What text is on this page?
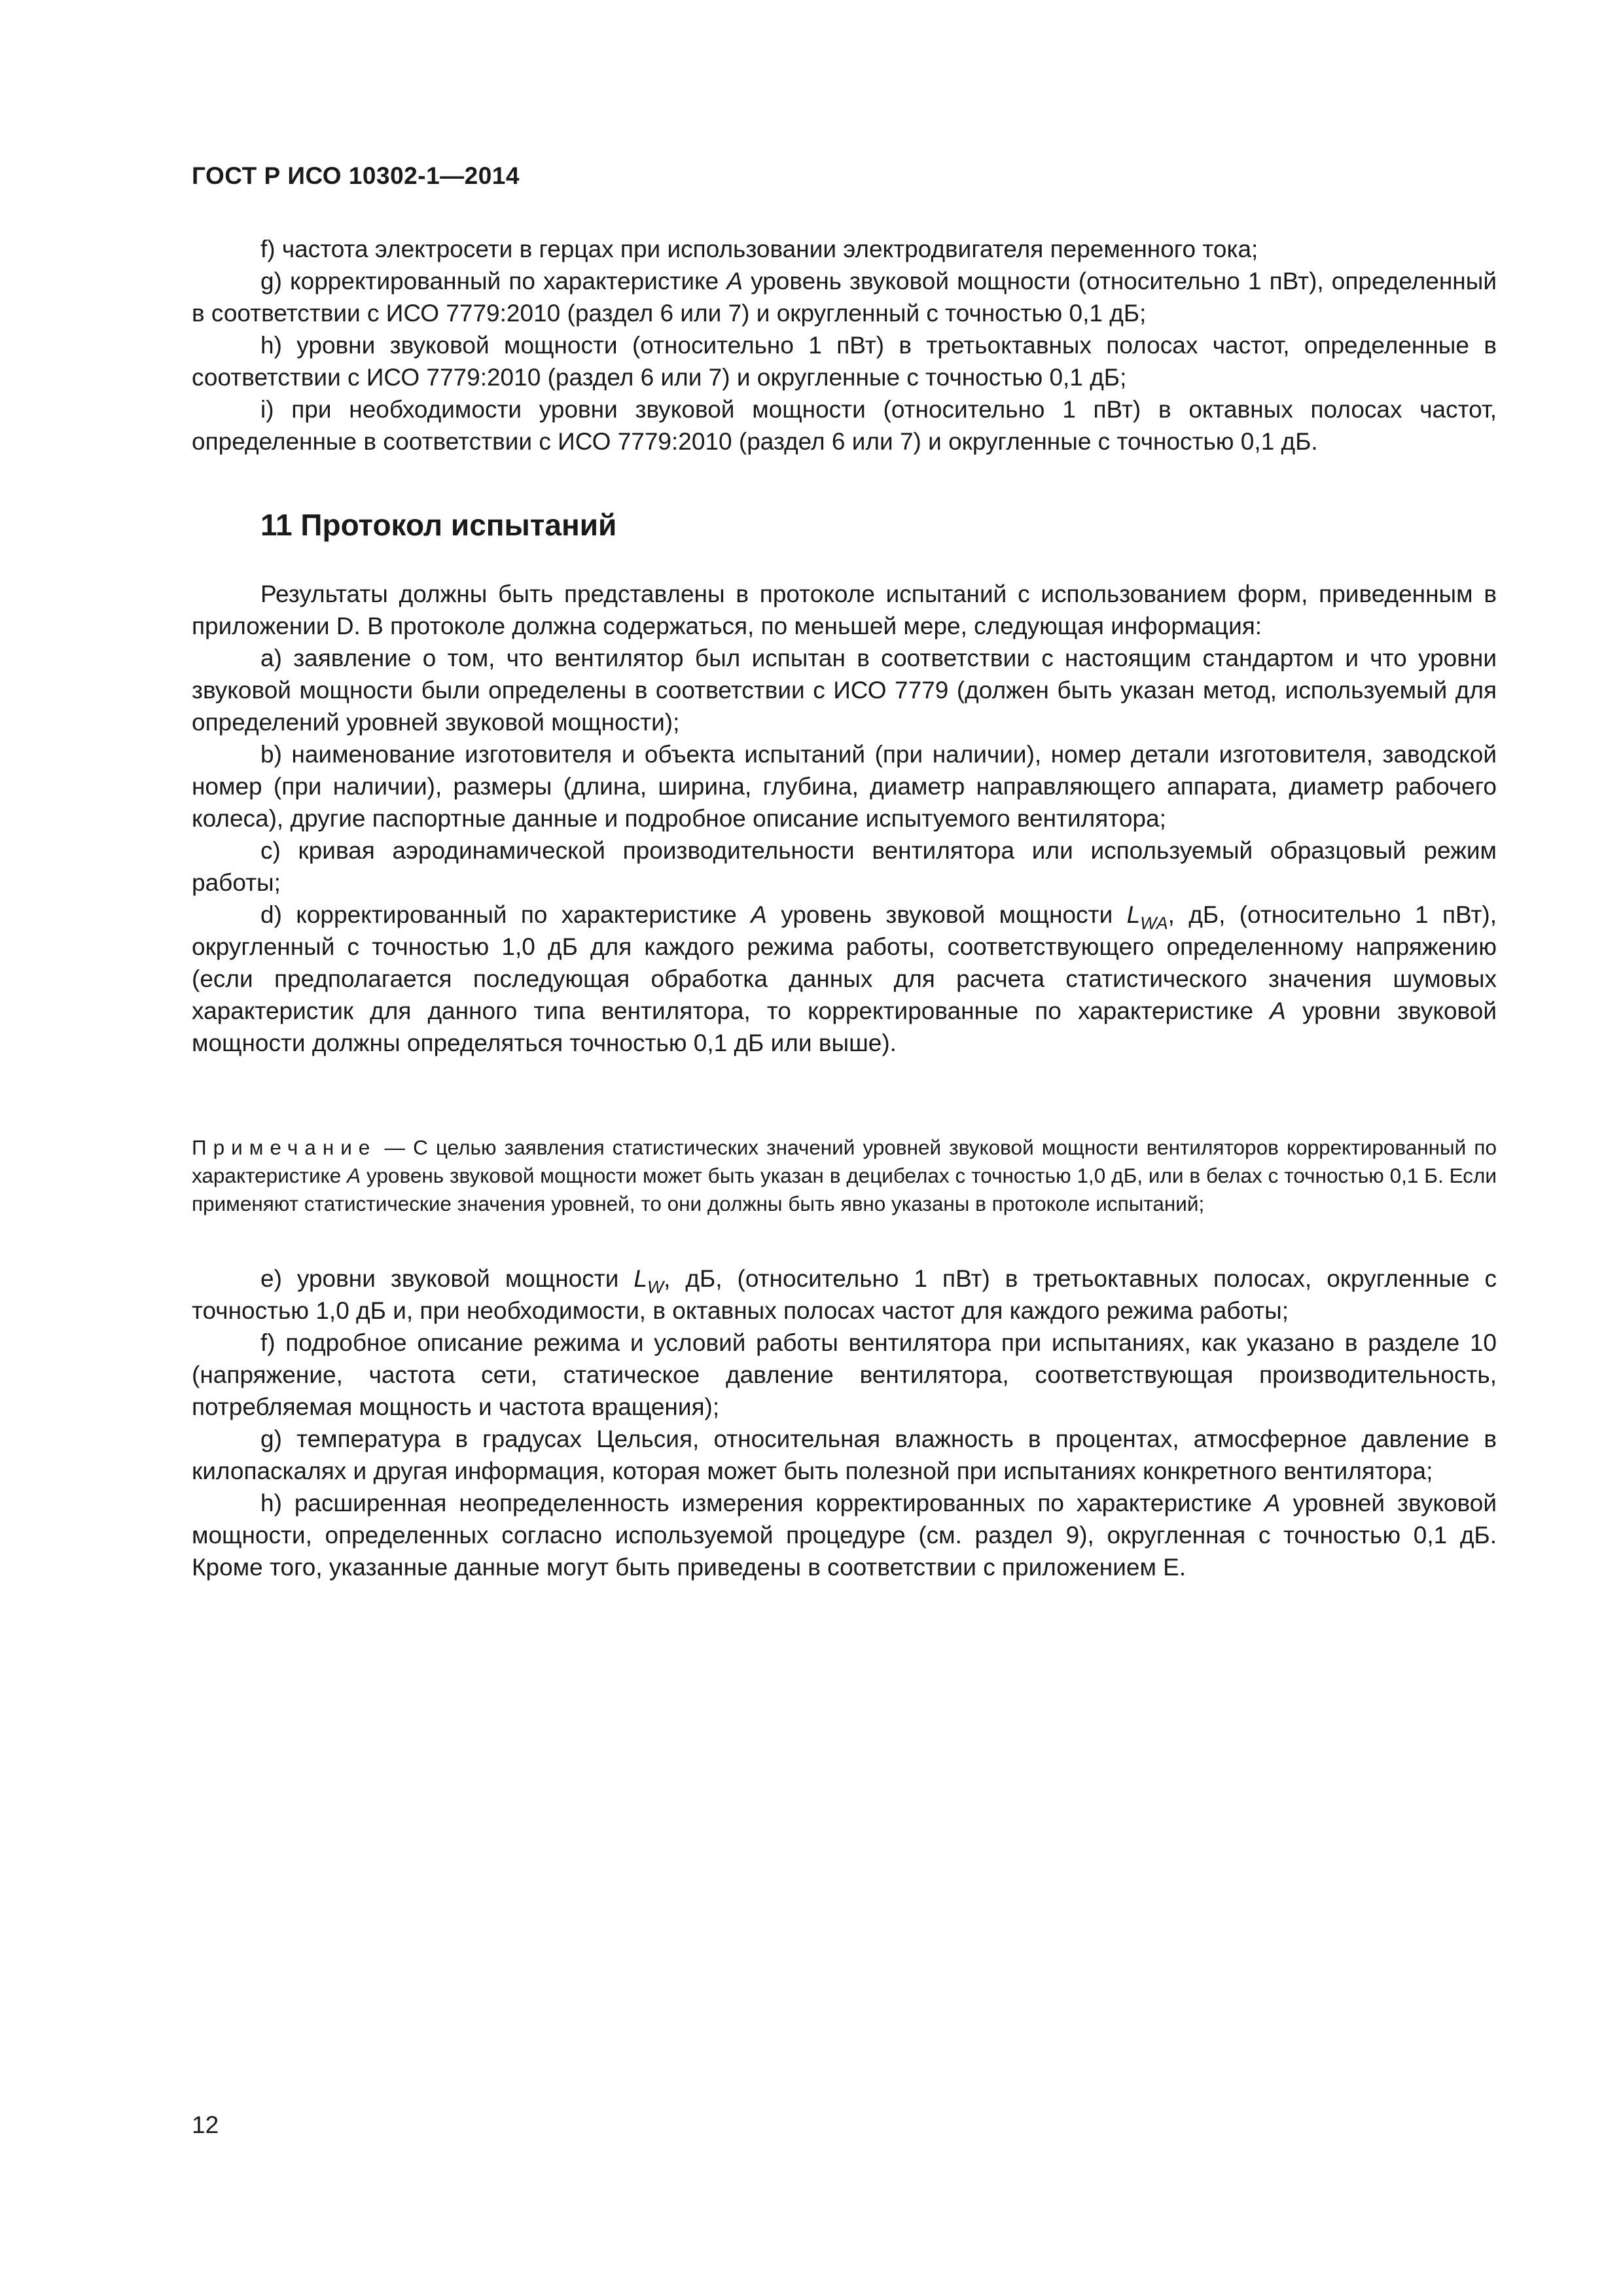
ГОСТ Р ИСО 10302-1—2014

f) частота электросети в герцах при использовании электродвигателя переменного тока;

g) корректированный по характеристике A уровень звуковой мощности (относительно 1 пВт), определенный в соответствии с ИСО 7779:2010 (раздел 6 или 7) и округленный с точностью 0,1 дБ;

h) уровни звуковой мощности (относительно 1 пВт) в третьоктавных полосах частот, определенные в соответствии с ИСО 7779:2010 (раздел 6 или 7) и округленные с точностью 0,1 дБ;

i) при необходимости уровни звуковой мощности (относительно 1 пВт) в октавных полосах частот, определенные в соответствии с ИСО 7779:2010 (раздел 6 или 7) и округленные с точностью 0,1 дБ.

11 Протокол испытаний

Результаты должны быть представлены в протоколе испытаний с использованием форм, приведенным в приложении D. В протоколе должна содержаться, по меньшей мере, следующая информация:

a) заявление о том, что вентилятор был испытан в соответствии с настоящим стандартом и что уровни звуковой мощности были определены в соответствии с ИСО 7779 (должен быть указан метод, используемый для определений уровней звуковой мощности);

b) наименование изготовителя и объекта испытаний (при наличии), номер детали изготовителя, заводской номер (при наличии), размеры (длина, ширина, глубина, диаметр направляющего аппарата, диаметр рабочего колеса), другие паспортные данные и подробное описание испытуемого вентилятора;

c) кривая аэродинамической производительности вентилятора или используемый образцовый режим работы;

d) корректированный по характеристике A уровень звуковой мощности $L_{WA}$, дБ, (относительно 1 пВт), округленный с точностью 1,0 дБ для каждого режима работы, соответствующего определенному напряжению (если предполагается последующая обработка данных для расчета статистического значения шумовых характеристик для данного типа вентилятора, то корректированные по характеристике A уровни звуковой мощности должны определяться точностью 0,1 дБ или выше).

Примечание — С целью заявления статистических значений уровней звуковой мощности вентиляторов корректированный по характеристике A уровень звуковой мощности может быть указан в децибелах с точностью 1,0 дБ, или в белах с точностью 0,1 Б. Если применяют статистические значения уровней, то они должны быть явно указаны в протоколе испытаний;

e) уровни звуковой мощности $L_W$, дБ, (относительно 1 пВт) в третьоктавных полосах, округленные с точностью 1,0 дБ и, при необходимости, в октавных полосах частот для каждого режима работы;

f) подробное описание режима и условий работы вентилятора при испытаниях, как указано в разделе 10 (напряжение, частота сети, статическое давление вентилятора, соответствующая производительность, потребляемая мощность и частота вращения);

g) температура в градусах Цельсия, относительная влажность в процентах, атмосферное давление в килопаскалях и другая информация, которая может быть полезной при испытаниях конкретного вентилятора;

h) расширенная неопределенность измерения корректированных по характеристике A уровней звуковой мощности, определенных согласно используемой процедуре (см. раздел 9), округленная с точностью 0,1 дБ. Кроме того, указанные данные могут быть приведены в соответствии с приложением E.

12
